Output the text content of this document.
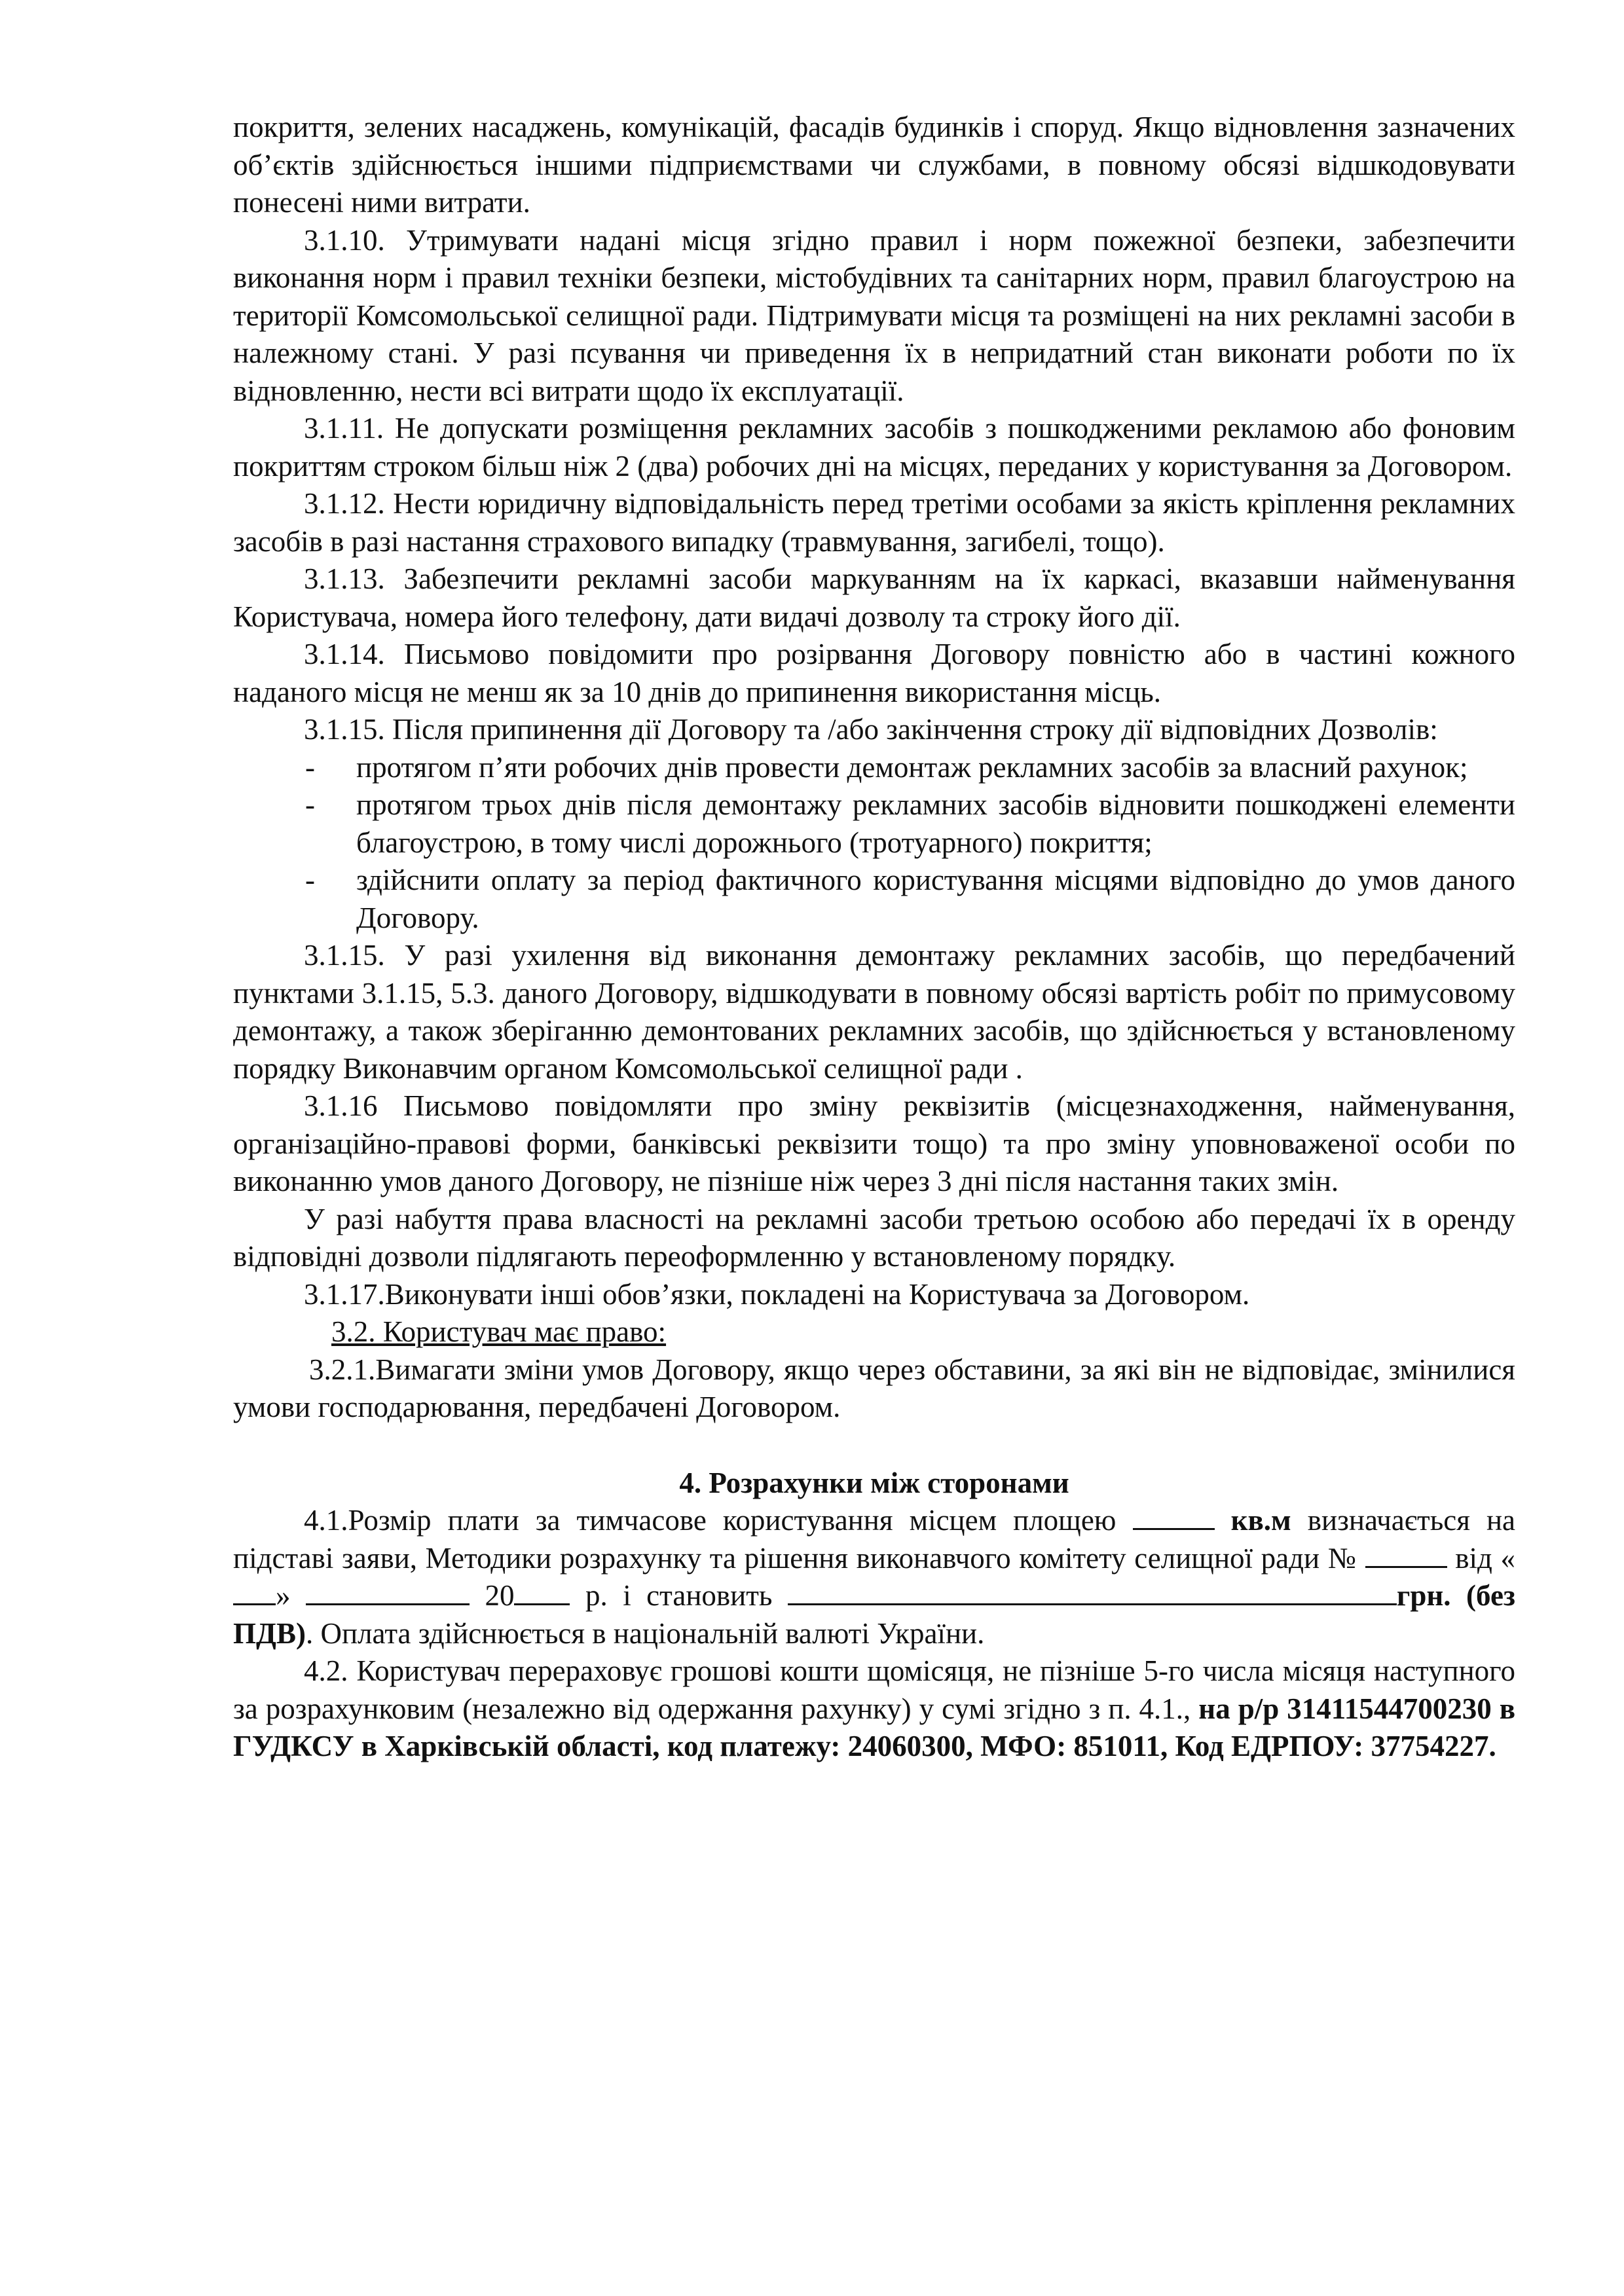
покриття, зелених насаджень, комунікацій, фасадів будинків і споруд. Якщо відновлення зазначених об’єктів здійснюється іншими підприємствами чи службами, в повному обсязі відшкодовувати понесені ними витрати.

3.1.10. Утримувати надані місця згідно правил і норм пожежної безпеки, забезпечити виконання норм і правил техніки безпеки, містобудівних та санітарних норм, правил благоустрою на території Комсомольської селищної ради. Підтримувати місця та розміщені на них рекламні засоби в належному стані. У разі псування чи приведення їх в непридатний стан виконати роботи по їх відновленню, нести всі витрати щодо їх експлуатації.

3.1.11. Не допускати розміщення рекламних засобів з пошкодженими рекламою або фоновим покриттям строком більш ніж 2 (два) робочих дні на місцях, переданих у користування за Договором.

3.1.12. Нести юридичну відповідальність перед третіми особами за якість кріплення рекламних засобів в разі настання страхового випадку (травмування, загибелі, тощо).

3.1.13. Забезпечити рекламні засоби маркуванням на їх каркасі, вказавши найменування Користувача, номера його телефону, дати видачі дозволу та строку його дії.

3.1.14. Письмово повідомити про розірвання Договору повністю або в частині кожного наданого місця не менш як за 10 днів до припинення використання місць.

3.1.15. Після припинення дії Договору та /або закінчення строку дії відповідних Дозволів:

- протягом п’яти робочих днів провести демонтаж рекламних засобів за власний рахунок;
- протягом трьох днів після демонтажу рекламних засобів відновити пошкоджені елементи благоустрою, в тому числі дорожнього (тротуарного) покриття;
- здійснити оплату за період фактичного користування місцями відповідно до умов даного Договору.

3.1.15. У разі ухилення від виконання демонтажу рекламних засобів, що передбачений пунктами 3.1.15, 5.3. даного Договору, відшкодувати в повному обсязі вартість робіт по примусовому демонтажу, а також зберіганню демонтованих рекламних засобів, що здійснюється у встановленому порядку Виконавчим органом Комсомольської селищної ради .

3.1.16 Письмово повідомляти про зміну реквізитів (місцезнаходження, найменування, організаційно-правові форми, банківські реквізити тощо) та про зміну уповноваженої особи по виконанню умов даного Договору, не пізніше ніж через 3 дні після настання таких змін.

У разі набуття права власності на рекламні засоби третьою особою або передачі їх в оренду відповідні дозволи підлягають переоформленню у встановленому порядку.

3.1.17.Виконувати інші обов’язки, покладені на Користувача за Договором.

3.2. Користувач має право:

3.2.1.Вимагати зміни умов Договору, якщо через обставини, за які він не відповідає, змінилися умови господарювання, передбачені Договором.

4. Розрахунки між сторонами

4.1.Розмір плати за тимчасове користування місцем площею	кв.м визначається на підставі заяви, Методики розрахунку та рішення виконавчого комітету селищної ради №	від «»	20 р. і становить	грн. (без ПДВ). Оплата здійснюється в національній валюті України.

4.2. Користувач перераховує грошові кошти щомісяця, не пізніше 5-го числа місяця наступного за розрахунковим (незалежно від одержання рахунку) у сумі згідно з п. 4.1., на р/р 31411544700230 в ГУДКСУ в Харківській області, код платежу: 24060300, МФО: 851011, Код ЕДРПОУ: 37754227.
